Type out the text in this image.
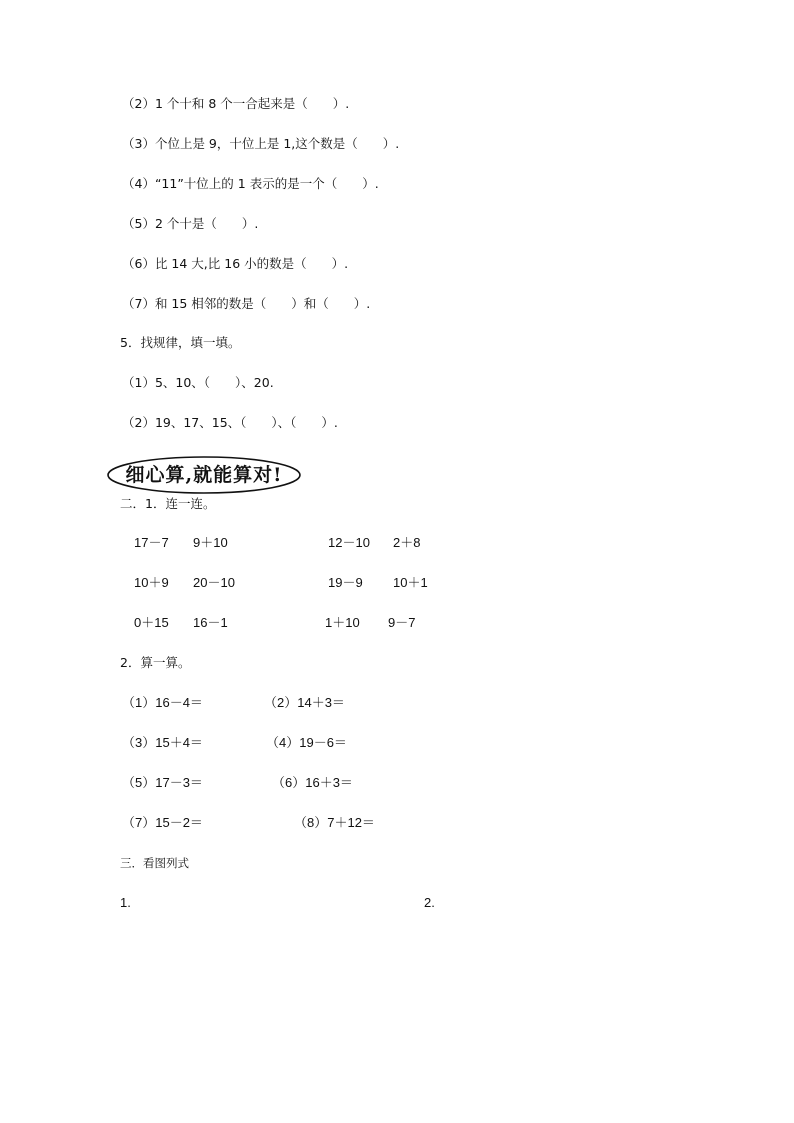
（2）1 个十和 8 个一合起来是（　　）.
（3）个位上是 9，十位上是 1,这个数是（　　）.
（4）“11”十位上的 1 表示的是一个（　　）.
（5）2 个十是（　　）.
（6）比 14 大,比 16 小的数是（　　）.
（7）和 15 相邻的数是（　　）和（　　）.
5．找规律，填一填。
（1）5、10、（　　）、20.
（2）19、17、15、（　　）、（　　）.
细心算,就能算对!
二．1．连一连。
17－7 9＋10	12－10 2＋8
10＋9 20－10	19－9 10＋1
0＋15 16－1	1＋10 9－7
2．算一算。
（1）16－4＝	（2）14＋3＝
（3）15＋4＝	（4）19－6＝
（5）17－3＝	（6）16＋3＝
（7）15－2＝	（8）7＋12＝
三．看图列式
1.	2.
